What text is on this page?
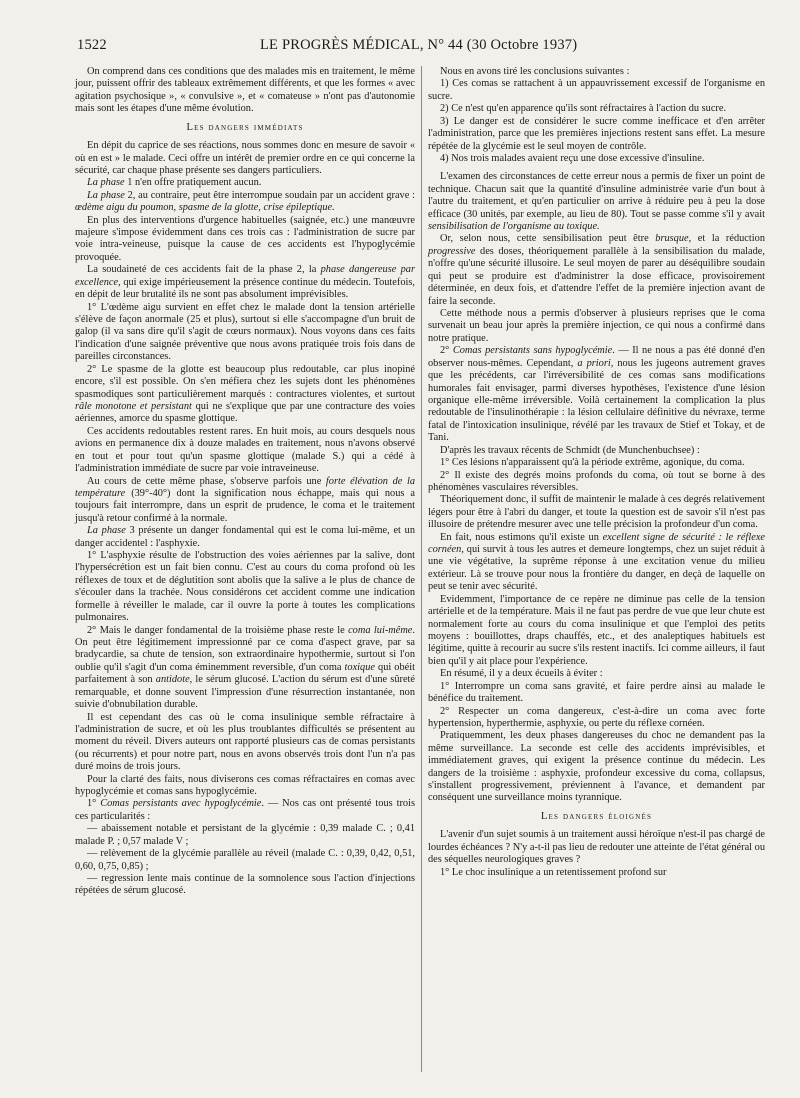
1522	LE PROGRÈS MÉDICAL, N° 44 (30 Octobre 1937)

On comprend dans ces conditions que des malades mis en traitement, le même jour, puissent offrir des tableaux extrêmement différents, et que les formes « avec agitation psychosique », « convulsive », et « comateuse » n'ont pas d'autonomie mais sont les étapes d'une même évolution.

Les dangers immédiats

En dépit du caprice de ses réactions, nous sommes donc en mesure de savoir « où en est » le malade. Ceci offre un intérêt de premier ordre en ce qui concerne la sécurité, car chaque phase présente ses dangers particuliers.

La phase 1 n'en offre pratiquement aucun.

La phase 2, au contraire, peut être interrompue soudain par un accident grave : œdème aigu du poumon, spasme de la glotte, crise épileptique.

En plus des interventions d'urgence habituelles (saignée, etc.) une manœuvre majeure s'impose évidemment dans ces trois cas : l'administration de sucre par voie intra-veineuse, puisque la cause de ces accidents est l'hypoglycémie provoquée.

La soudaineté de ces accidents fait de la phase 2, la phase dangereuse par excellence, qui exige impérieusement la présence continue du médecin. Toutefois, en dépit de leur brutalité ils ne sont pas absolument imprévisibles.

1° L'œdème aigu survient en effet chez le malade dont la tension artérielle s'élève de façon anormale (25 et plus), surtout si elle s'accompagne d'un bruit de galop (il va sans dire qu'il s'agit de cœurs normaux). Nous voyons dans ces faits l'indication d'une saignée préventive que nous avons pratiquée trois fois dans de pareilles circonstances.

2° Le spasme de la glotte est beaucoup plus redoutable, car plus inopiné encore, s'il est possible. On s'en méfiera chez les sujets dont les phénomènes spasmodiques sont particulièrement marqués : contractures violentes, et surtout râle monotone et persistant qui ne s'explique que par une contracture des voies aériennes, amorce du spasme glottique.

Ces accidents redoutables restent rares. En huit mois, au cours desquels nous avions en permanence dix à douze malades en traitement, nous n'avons observé en tout et pour tout qu'un spasme glottique (malade S.) qui a cédé à l'administration immédiate de sucre par voie intraveineuse.

Au cours de cette même phase, s'observe parfois une forte élévation de la température (39°-40°) dont la signification nous échappe, mais qui nous a toujours fait interrompre, dans un esprit de prudence, le coma et le traitement jusqu'à retour confirmé à la normale.

La phase 3 présente un danger fondamental qui est le coma lui-même, et un danger accidentel : l'asphyxie.

1° L'asphyxie résulte de l'obstruction des voies aériennes par la salive, dont l'hypersécrétion est un fait bien connu. C'est au cours du coma profond où les réflexes de toux et de déglutition sont abolis que la salive a le plus de chance de s'écouler dans la trachée. Nous considérons cet accident comme une indication formelle à réveiller le malade, car il ouvre la porte à toutes les complications pulmonaires.

2° Mais le danger fondamental de la troisième phase reste le coma lui-même. On peut être légitimement impressionné par ce coma d'aspect grave, par sa bradycardie, sa chute de tension, son extraordinaire hypothermie, surtout si l'on oublie qu'il s'agit d'un coma éminemment reversible, d'un coma toxique qui obéit parfaitement à son antidote, le sérum glucosé. L'action du sérum est d'une sûreté remarquable, et donne souvent l'impression d'une résurrection instantanée, non suivie d'obnubilation durable.

Il est cependant des cas où le coma insulinique semble réfractaire à l'administration de sucre, et où les plus troublantes difficultés se présentent au moment du réveil. Divers auteurs ont rapporté plusieurs cas de comas persistants (ou récurrents) et pour notre part, nous en avons observés trois dont l'un n'a pas duré moins de trois jours.

Pour la clarté des faits, nous diviserons ces comas réfractaires en comas avec hypoglycémie et comas sans hypoglycémie.

1° Comas persistants avec hypoglycémie. — Nos cas ont présenté tous trois ces particularités :

— abaissement notable et persistant de la glycémie : 0,39 malade C. ; 0,41 malade P. ; 0,57 malade V ;

— relèvement de la glycémie parallèle au réveil (malade C. : 0,39, 0,42, 0,51, 0,60, 0,75, 0,85) ;

— regression lente mais continue de la somnolence sous l'action d'injections répétées de sérum glucosé.

Nous en avons tiré les conclusions suivantes :

1) Ces comas se rattachent à un appauvrissement excessif de l'organisme en sucre.

2) Ce n'est qu'en apparence qu'ils sont réfractaires à l'action du sucre.

3) Le danger est de considérer le sucre comme inefficace et d'en arrêter l'administration, parce que les premières injections restent sans effet. La mesure répétée de la glycémie est le seul moyen de contrôle.

4) Nos trois malades avaient reçu une dose excessive d'insuline.

L'examen des circonstances de cette erreur nous a permis de fixer un point de technique. Chacun sait que la quantité d'insuline administrée varie d'un bout à l'autre du traitement, et qu'en particulier on arrive à réduire peu à peu la dose efficace (30 unités, par exemple, au lieu de 80). Tout se passe comme s'il y avait sensibilisation de l'organisme au toxique.

Or, selon nous, cette sensibilisation peut être brusque, et la réduction progressive des doses, théoriquement parallèle à la sensibilisation du malade, n'offre qu'une sécurité illusoire. Le seul moyen de parer au déséquilibre soudain qui peut se produire est d'administrer la dose efficace, provisoirement déterminée, en deux fois, et d'attendre l'effet de la première injection avant de faire la seconde.

Cette méthode nous a permis d'observer à plusieurs reprises que le coma survenait un beau jour après la première injection, ce qui nous a confirmé dans notre pratique.

2° Comas persistants sans hypoglycémie. — Il ne nous a pas été donné d'en observer nous-mêmes. Cependant, a priori, nous les jugeons autrement graves que les précédents, car l'irréversibilité de ces comas sans modifications humorales fait envisager, parmi diverses hypothèses, l'existence d'une lésion organique elle-même irréversible. Voilà certainement la complication la plus redoutable de l'insulinothérapie : la lésion cellulaire définitive du névraxe, terme fatal de l'intoxication insulinique, révélé par les travaux de Stief et Tokay, et de Tani.

D'après les travaux récents de Schmidt (de Munchenbuchsee) :

1° Ces lésions n'apparaissent qu'à la période extrême, agonique, du coma.

2° Il existe des degrés moins profonds du coma, où tout se borne à des phénomènes vasculaires réversibles.

Théoriquement donc, il suffit de maintenir le malade à ces degrés relativement légers pour être à l'abri du danger, et toute la question est de savoir s'il n'est pas illusoire de prétendre mesurer avec une telle précision la profondeur d'un coma.

En fait, nous estimons qu'il existe un excellent signe de sécurité : le réflexe cornéen, qui survit à tous les autres et demeure longtemps, chez un sujet réduit à une vie végétative, la suprême réponse à une excitation venue du milieu extérieur. Là se trouve pour nous la frontière du danger, en deçà de laquelle on peut se tenir avec sécurité.

Evidemment, l'importance de ce repère ne diminue pas celle de la tension artérielle et de la température. Mais il ne faut pas perdre de vue que leur chute est normalement forte au cours du coma insulinique et que l'emploi des petits moyens : bouillottes, draps chauffés, etc., et des analeptiques habituels est légitime, quitte à recourir au sucre s'ils restent inactifs. Ici comme ailleurs, il faut bien qu'il y ait place pour l'expérience.

En résumé, il y a deux écueils à éviter :

1° Interrompre un coma sans gravité, et faire perdre ainsi au malade le bénéfice du traitement.

2° Respecter un coma dangereux, c'est-à-dire un coma avec forte hypertension, hyperthermie, asphyxie, ou perte du réflexe cornéen.

Pratiquemment, les deux phases dangereuses du choc ne demandent pas la même surveillance. La seconde est celle des accidents imprévisibles, et immédiatement graves, qui exigent la présence continue du médecin. Les dangers de la troisième : asphyxie, profondeur excessive du coma, collapsus, s'installent progressivement, préviennent à l'avance, et demandent par conséquent une surveillance moins tyrannique.

Les dangers éloignés

L'avenir d'un sujet soumis à un traitement aussi héroïque n'est-il pas chargé de lourdes échéances ? N'y a-t-il pas lieu de redouter une atteinte de l'état général ou des séquelles neurologiques graves ?

1° Le choc insulinique a un retentissement profond sur
